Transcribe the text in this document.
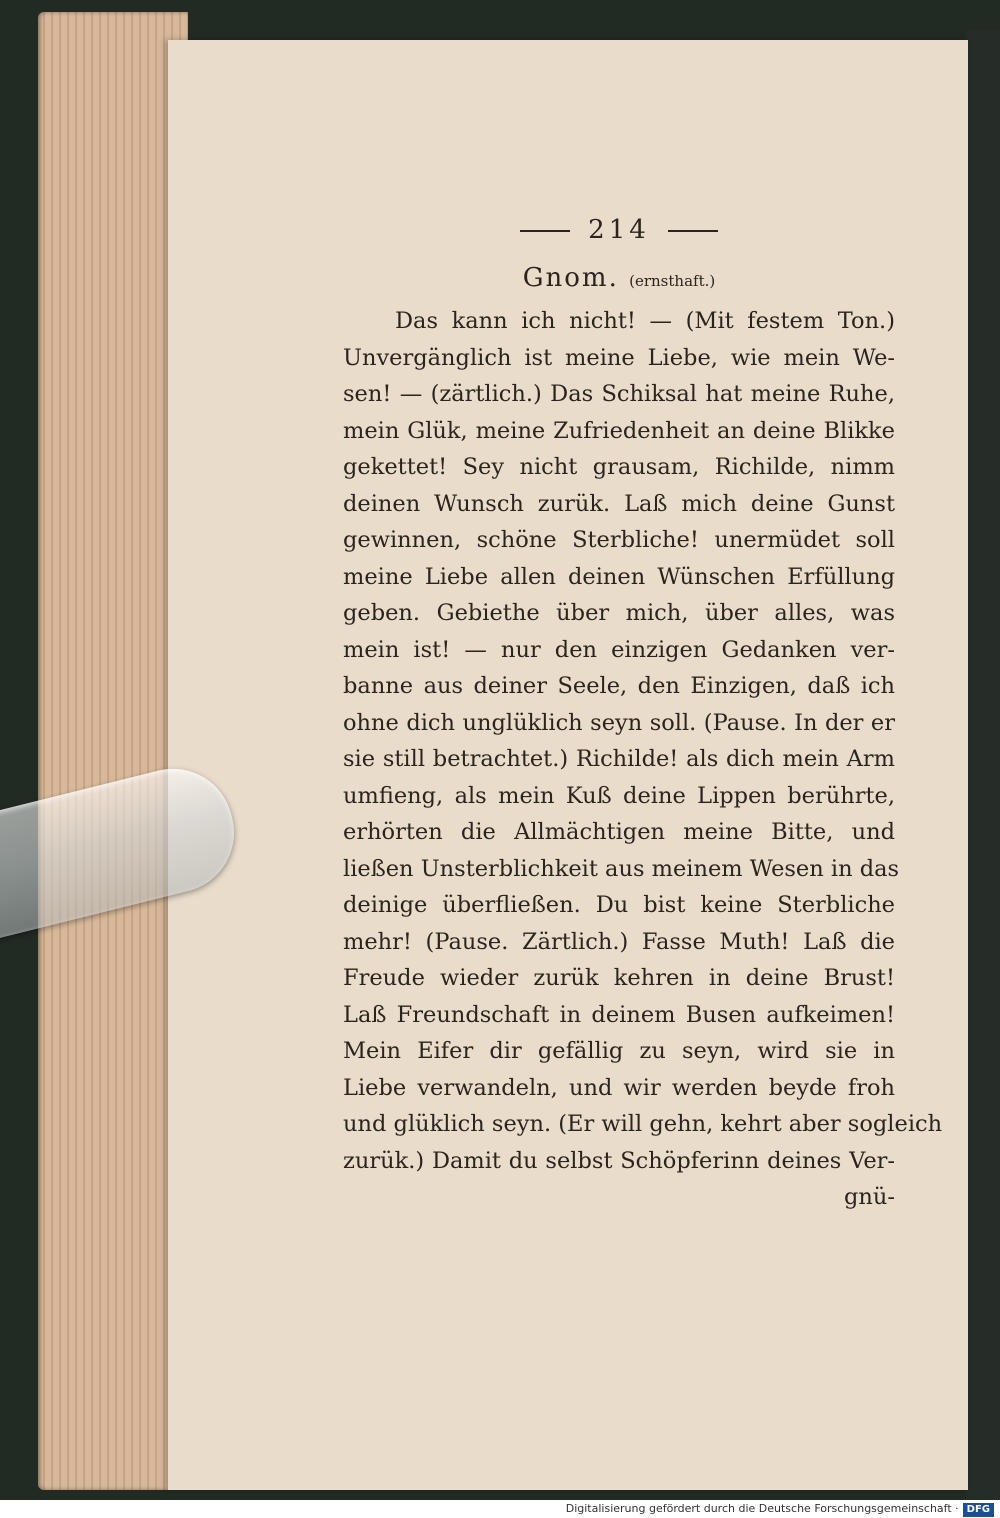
214
Gnom. (ernsthaft.)

Das kann ich nicht! — (Mit festem Ton.)

Unvergänglich ist meine Liebe, wie mein We-

sen! — (zärtlich.) Das Schiksal hat meine Ruhe,

mein Glük, meine Zufriedenheit an deine Blikke

gekettet! Sey nicht grausam, Richilde, nimm

deinen Wunsch zurük. Laß mich deine Gunst

gewinnen, schöne Sterbliche! unermüdet soll

meine Liebe allen deinen Wünschen Erfüllung

geben. Gebiethe über mich, über alles, was

mein ist! — nur den einzigen Gedanken ver-

banne aus deiner Seele, den Einzigen, daß ich

ohne dich unglüklich seyn soll. (Pause. In der er

sie still betrachtet.) Richilde! als dich mein Arm

umfieng, als mein Kuß deine Lippen berührte,

erhörten die Allmächtigen meine Bitte, und

ließen Unsterblichkeit aus meinem Wesen in das

deinige überfließen. Du bist keine Sterbliche

mehr! (Pause. Zärtlich.) Fasse Muth! Laß die

Freude wieder zurük kehren in deine Brust!

Laß Freundschaft in deinem Busen aufkeimen!

Mein Eifer dir gefällig zu seyn, wird sie in

Liebe verwandeln, und wir werden beyde froh

und glüklich seyn. (Er will gehn, kehrt aber sogleich

zurük.) Damit du selbst Schöpferinn deines Ver-

gnü-
Digitalisierung gefördert durch die Deutsche Forschungsgemeinschaft · DFG
